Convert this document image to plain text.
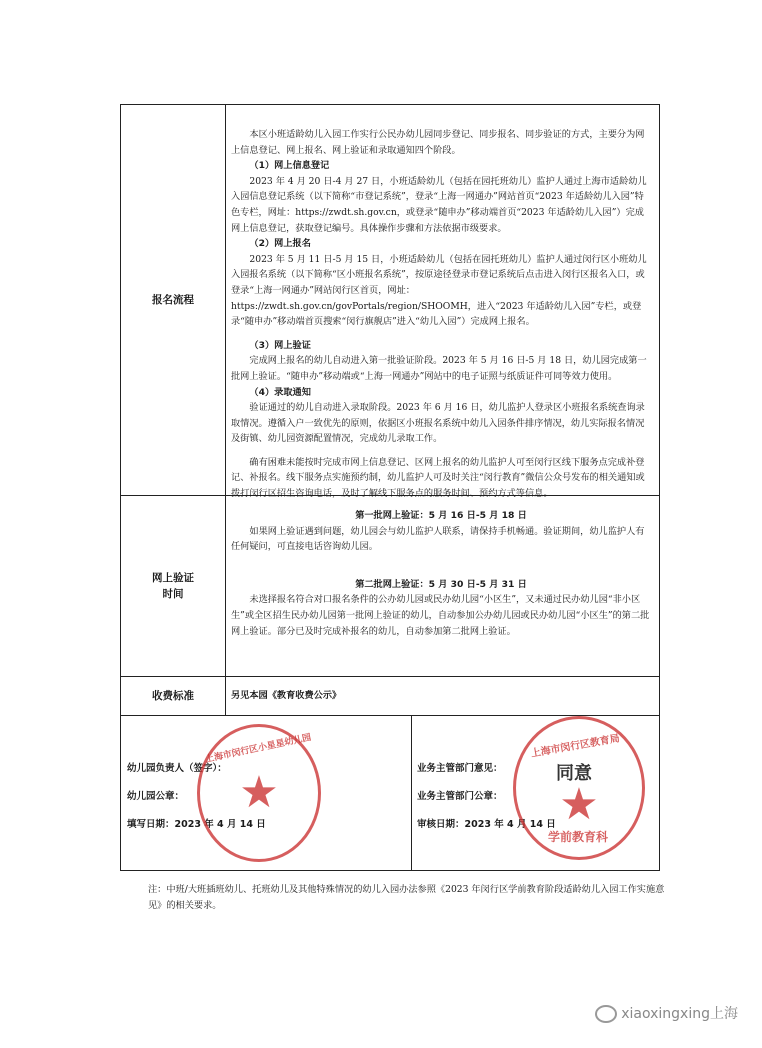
报名流程

本区小班适龄幼儿入园工作实行公民办幼儿园同步登记、同步报名、同步验证的方式，主要分为网上信息登记、网上报名、网上验证和录取通知四个阶段。

（1）网上信息登记

2023 年 4 月 20 日-4 月 27 日，小班适龄幼儿（包括在园托班幼儿）监护人通过上海市适龄幼儿入园信息登记系统（以下简称“市登记系统”，登录“上海一网通办”网站首页“2023 年适龄幼儿入园”特色专栏，网址：https://zwdt.sh.gov.cn，或登录“随申办”移动端首页“2023 年适龄幼儿入园”）完成网上信息登记，获取登记编号。具体操作步骤和方法依据市级要求。

（2）网上报名

2023 年 5 月 11 日-5 月 15 日，小班适龄幼儿（包括在园托班幼儿）监护人通过闵行区小班幼儿入园报名系统（以下简称“区小班报名系统”，按原途径登录市登记系统后点击进入闵行区报名入口，或登录“上海一网通办”网站闵行区首页，网址：https://zwdt.sh.gov.cn/govPortals/region/SHOOMH，进入“2023 年适龄幼儿入园”专栏，或登录“随申办”移动端首页搜索“闵行旗舰店”进入“幼儿入园”）完成网上报名。

（3）网上验证

完成网上报名的幼儿自动进入第一批验证阶段。2023 年 5 月 16 日-5 月 18 日，幼儿园完成第一批网上验证。“随申办”移动端或“上海一网通办”网站中的电子证照与纸质证件可同等效力使用。

（4）录取通知

验证通过的幼儿自动进入录取阶段。2023 年 6 月 16 日，幼儿监护人登录区小班报名系统查询录取情况。遵循入户一致优先的原则，依据区小班报名系统中幼儿入园条件排序情况，幼儿实际报名情况及街镇、幼儿园资源配置情况，完成幼儿录取工作。

确有困难未能按时完成市网上信息登记、区网上报名的幼儿监护人可至闵行区线下服务点完成补登记、补报名。线下服务点实施预约制，幼儿监护人可及时关注“闵行教育”微信公众号发布的相关通知或拨打闵行区招生咨询电话，及时了解线下服务点的服务时间、预约方式等信息。

网上验证
时间

第一批网上验证：5 月 16 日-5 月 18 日

如果网上验证遇到问题，幼儿园会与幼儿监护人联系，请保持手机畅通。验证期间，幼儿监护人有任何疑问，可直接电话咨询幼儿园。

第二批网上验证：5 月 30 日-5 月 31 日

未选择报名符合对口报名条件的公办幼儿园或民办幼儿园“小区生”，又未通过民办幼儿园“非小区生”或全区招生民办幼儿园第一批网上验证的幼儿，自动参加公办幼儿园或民办幼儿园“小区生”的第二批网上验证。部分已及时完成补报名的幼儿，自动参加第二批网上验证。

收费标准	另见本园《教育收费公示》

幼儿园负责人（签字）：
幼儿园公章：
填写日期：2023 年 4 月 14 日
业务主管部门意见：
业务主管部门公章：
审核日期：2023 年 4 月 14 日
★
上海市闵行区小星星幼儿园	上海市闵行区教育局
同意
★
学前教育科
注：中班/大班插班幼儿、托班幼儿及其他特殊情况的幼儿入园办法参照《2023 年闵行区学前教育阶段适龄幼儿入园工作实施意见》的相关要求。
xiaoxingxing上海
